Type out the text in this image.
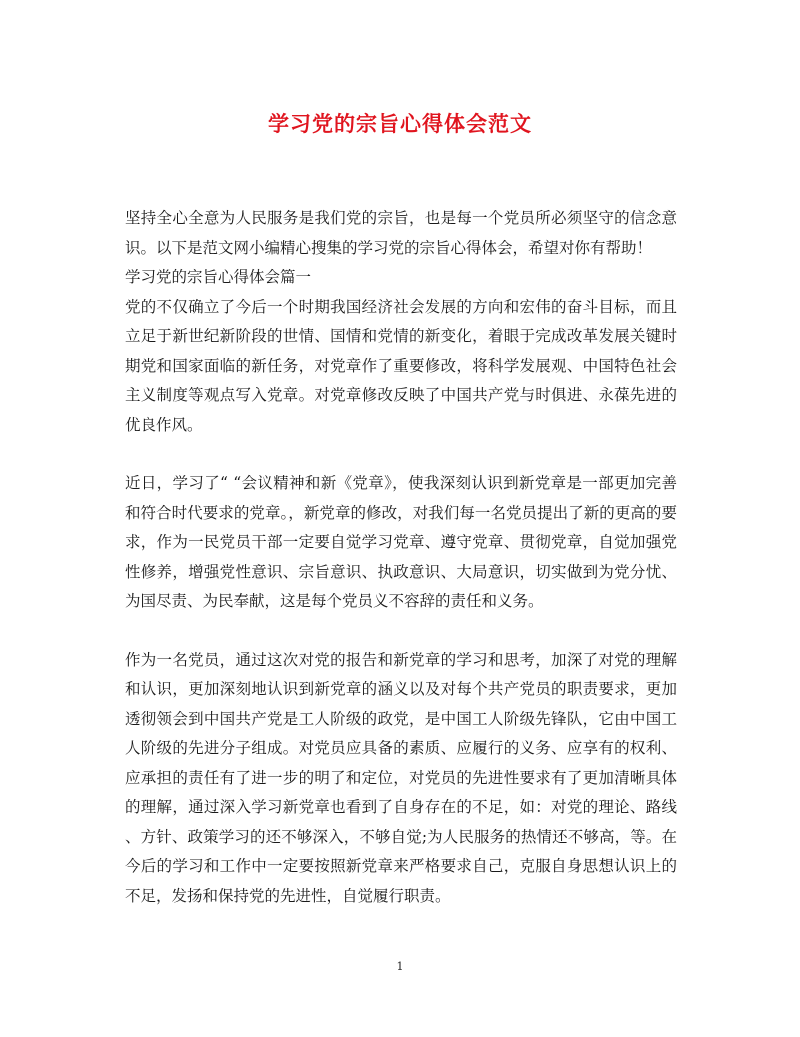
学习党的宗旨心得体会范文

坚持全心全意为人民服务是我们党的宗旨，也是每一个党员所必须坚守的信念意识。以下是范文网小编精心搜集的学习党的宗旨心得体会，希望对你有帮助！

学习党的宗旨心得体会篇一

党的不仅确立了今后一个时期我国经济社会发展的方向和宏伟的奋斗目标，而且立足于新世纪新阶段的世情、国情和党情的新变化，着眼于完成改革发展关键时期党和国家面临的新任务，对党章作了重要修改，将科学发展观、中国特色社会主义制度等观点写入党章。对党章修改反映了中国共产党与时俱进、永葆先进的优良作风。

近日，学习了“ “会议精神和新《党章》，使我深刻认识到新党章是一部更加完善和符合时代要求的党章。，新党章的修改，对我们每一名党员提出了新的更高的要求，作为一民党员干部一定要自觉学习党章、遵守党章、贯彻党章，自觉加强党性修养，增强党性意识、宗旨意识、执政意识、大局意识，切实做到为党分忧、为国尽责、为民奉献，这是每个党员义不容辞的责任和义务。

作为一名党员，通过这次对党的报告和新党章的学习和思考，加深了对党的理解和认识，更加深刻地认识到新党章的涵义以及对每个共产党员的职责要求，更加透彻领会到中国共产党是工人阶级的政党，是中国工人阶级先锋队，它由中国工人阶级的先进分子组成。对党员应具备的素质、应履行的义务、应享有的权利、应承担的责任有了进一步的明了和定位，对党员的先进性要求有了更加清晰具体的理解，通过深入学习新党章也看到了自身存在的不足，如：对党的理论、路线、方针、政策学习的还不够深入，不够自觉;为人民服务的热情还不够高，等。在今后的学习和工作中一定要按照新党章来严格要求自己，克服自身思想认识上的不足，发扬和保持党的先进性，自觉履行职责。

1
